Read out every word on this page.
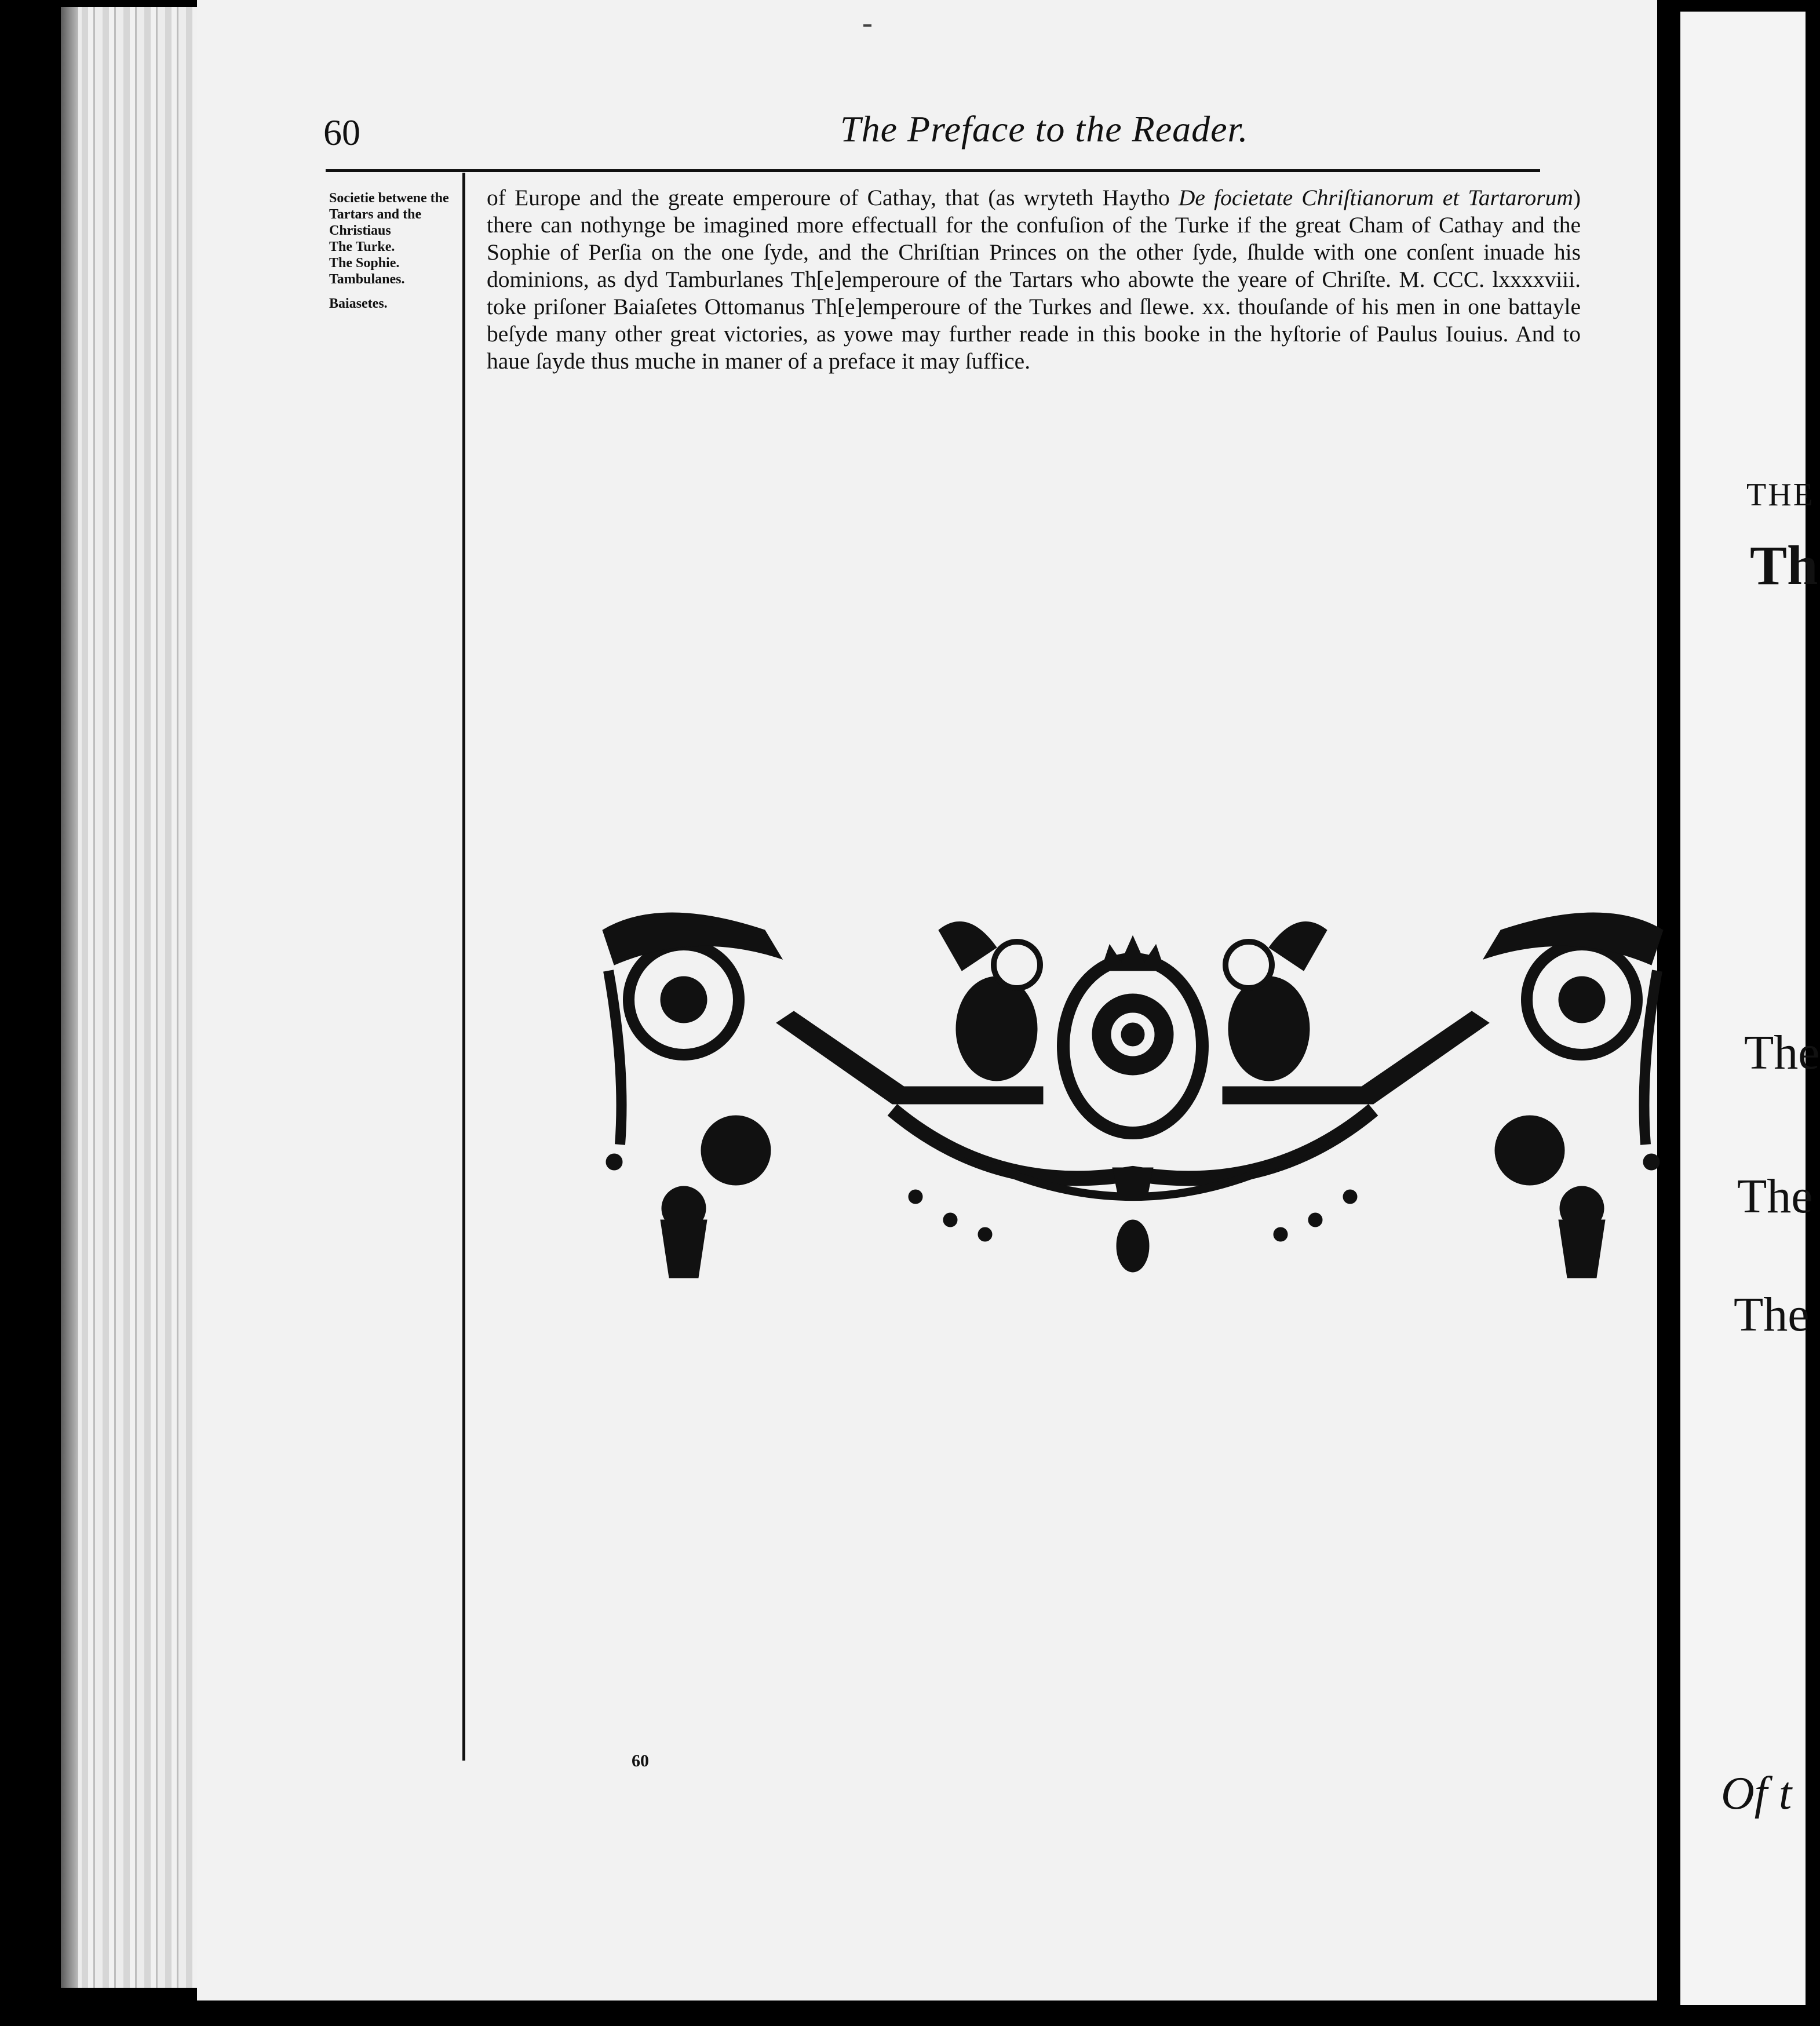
60	The Preface to the Reader.
Societie betwene the Tartars and the Christiaus
The Turke.
The Sophie.
Tambulanes.
Baiasetes.
of Europe and the greate emperoure of Cathay, that (as wryteth Haytho De focietate Chriſtianorum et Tartarorum) there can nothynge be imagined more effectuall for the confuſion of the Turke if the great Cham of Cathay and the Sophie of Perſia on the one ſyde, and the Chriſtian Princes on the other ſyde, ſhulde with one conſent inuade his dominions, as dyd Tamburlanes Th[e]emperoure of the Tartars who abowte the yeare of Chriſte. M. CCC. lxxxxviii. toke priſoner Baiaſetes Ottomanus Th[e]emperoure of the Turkes and ſlewe. xx. thouſande of his men in one battayle beſyde many other great victories, as yowe may further reade in this booke in the hyſtorie of Paulus Iouius. And to haue ſayde thus muche in maner of a preface it may ſuffice.
60
THE
Th
The
The
The
Of t
